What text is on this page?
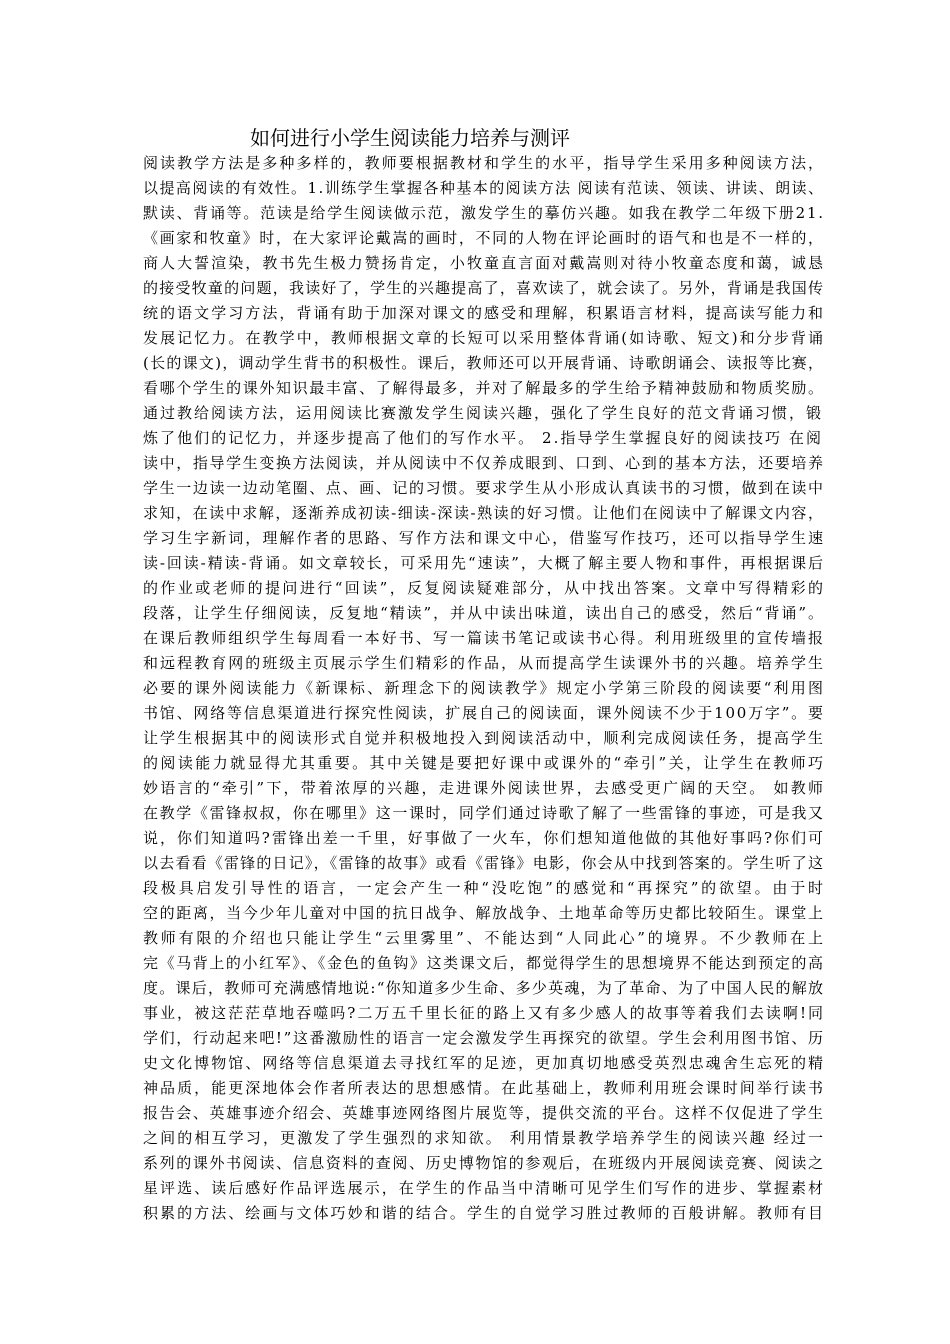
如何进行小学生阅读能力培养与测评
阅读教学方法是多种多样的，教师要根据教材和学生的水平，指导学生采用多种阅读方法，
以提高阅读的有效性。1.训练学生掌握各种基本的阅读方法 阅读有范读、领读、讲读、朗读、
默读、背诵等。范读是给学生阅读做示范，激发学生的摹仿兴趣。如我在教学二年级下册21.
《画家和牧童》时，在大家评论戴嵩的画时，不同的人物在评论画时的语气和也是不一样的，
商人大誓渲染，教书先生极力赞扬肯定，小牧童直言面对戴嵩则对待小牧童态度和蔼，诚恳
的接受牧童的问题，我读好了，学生的兴趣提高了，喜欢读了，就会读了。另外，背诵是我国传
统的语文学习方法，背诵有助于加深对课文的感受和理解，积累语言材料，提高读写能力和
发展记忆力。在教学中，教师根据文章的长短可以采用整体背诵(如诗歌、短文)和分步背诵
(长的课文)，调动学生背书的积极性。课后，教师还可以开展背诵、诗歌朗诵会、读报等比赛，
看哪个学生的课外知识最丰富、了解得最多，并对了解最多的学生给予精神鼓励和物质奖励。
通过教给阅读方法，运用阅读比赛激发学生阅读兴趣，强化了学生良好的范文背诵习惯，锻
炼了他们的记忆力，并逐步提高了他们的写作水平。 2.指导学生掌握良好的阅读技巧 在阅
读中，指导学生变换方法阅读，并从阅读中不仅养成眼到、口到、心到的基本方法，还要培养
学生一边读一边动笔圈、点、画、记的习惯。要求学生从小形成认真读书的习惯，做到在读中
求知，在读中求解，逐渐养成初读-细读-深读-熟读的好习惯。让他们在阅读中了解课文内容，
学习生字新词，理解作者的思路、写作方法和课文中心，借鉴写作技巧，还可以指导学生速
读-回读-精读-背诵。如文章较长，可采用先“速读”，大概了解主要人物和事件，再根据课后
的作业或老师的提问进行“回读”，反复阅读疑难部分，从中找出答案。文章中写得精彩的
段落，让学生仔细阅读，反复地“精读”，并从中读出味道，读出自己的感受，然后“背诵”。
在课后教师组织学生每周看一本好书、写一篇读书笔记或读书心得。利用班级里的宣传墙报
和远程教育网的班级主页展示学生们精彩的作品，从而提高学生读课外书的兴趣。培养学生
必要的课外阅读能力《新课标、新理念下的阅读教学》规定小学第三阶段的阅读要“利用图
书馆、网络等信息渠道进行探究性阅读，扩展自己的阅读面，课外阅读不少于100万字”。要
让学生根据其中的阅读形式自觉并积极地投入到阅读活动中，顺利完成阅读任务，提高学生
的阅读能力就显得尤其重要。其中关键是要把好课中或课外的“牵引”关，让学生在教师巧
妙语言的“牵引”下，带着浓厚的兴趣，走进课外阅读世界，去感受更广阔的天空。 如教师
在教学《雷锋叔叔，你在哪里》这一课时，同学们通过诗歌了解了一些雷锋的事迹，可是我又
说，你们知道吗?雷锋出差一千里，好事做了一火车，你们想知道他做的其他好事吗?你们可
以去看看《雷锋的日记》，《雷锋的故事》或看《雷锋》电影，你会从中找到答案的。学生听了这
段极具启发引导性的语言，一定会产生一种“没吃饱”的感觉和“再探究”的欲望。由于时
空的距离，当今少年儿童对中国的抗日战争、解放战争、土地革命等历史都比较陌生。课堂上
教师有限的介绍也只能让学生“云里雾里”、不能达到“人同此心”的境界。不少教师在上
完《马背上的小红军》、《金色的鱼钩》这类课文后，都觉得学生的思想境界不能达到预定的高
度。课后，教师可充满感情地说:“你知道多少生命、多少英魂，为了革命、为了中国人民的解放
事业，被这茫茫草地吞噬吗?二万五千里长征的路上又有多少感人的故事等着我们去读啊!同
学们，行动起来吧!”这番激励性的语言一定会激发学生再探究的欲望。学生会利用图书馆、历
史文化博物馆、网络等信息渠道去寻找红军的足迹，更加真切地感受英烈忠魂舍生忘死的精
神品质，能更深地体会作者所表达的思想感情。在此基础上，教师利用班会课时间举行读书
报告会、英雄事迹介绍会、英雄事迹网络图片展览等，提供交流的平台。这样不仅促进了学生
之间的相互学习，更激发了学生强烈的求知欲。 利用情景教学培养学生的阅读兴趣 经过一
系列的课外书阅读、信息资料的查阅、历史博物馆的参观后，在班级内开展阅读竞赛、阅读之
星评选、读后感好作品评选展示，在学生的作品当中清晰可见学生们写作的进步、掌握素材
积累的方法、绘画与文体巧妙和谐的结合。学生的自觉学习胜过教师的百般讲解。教师有目
